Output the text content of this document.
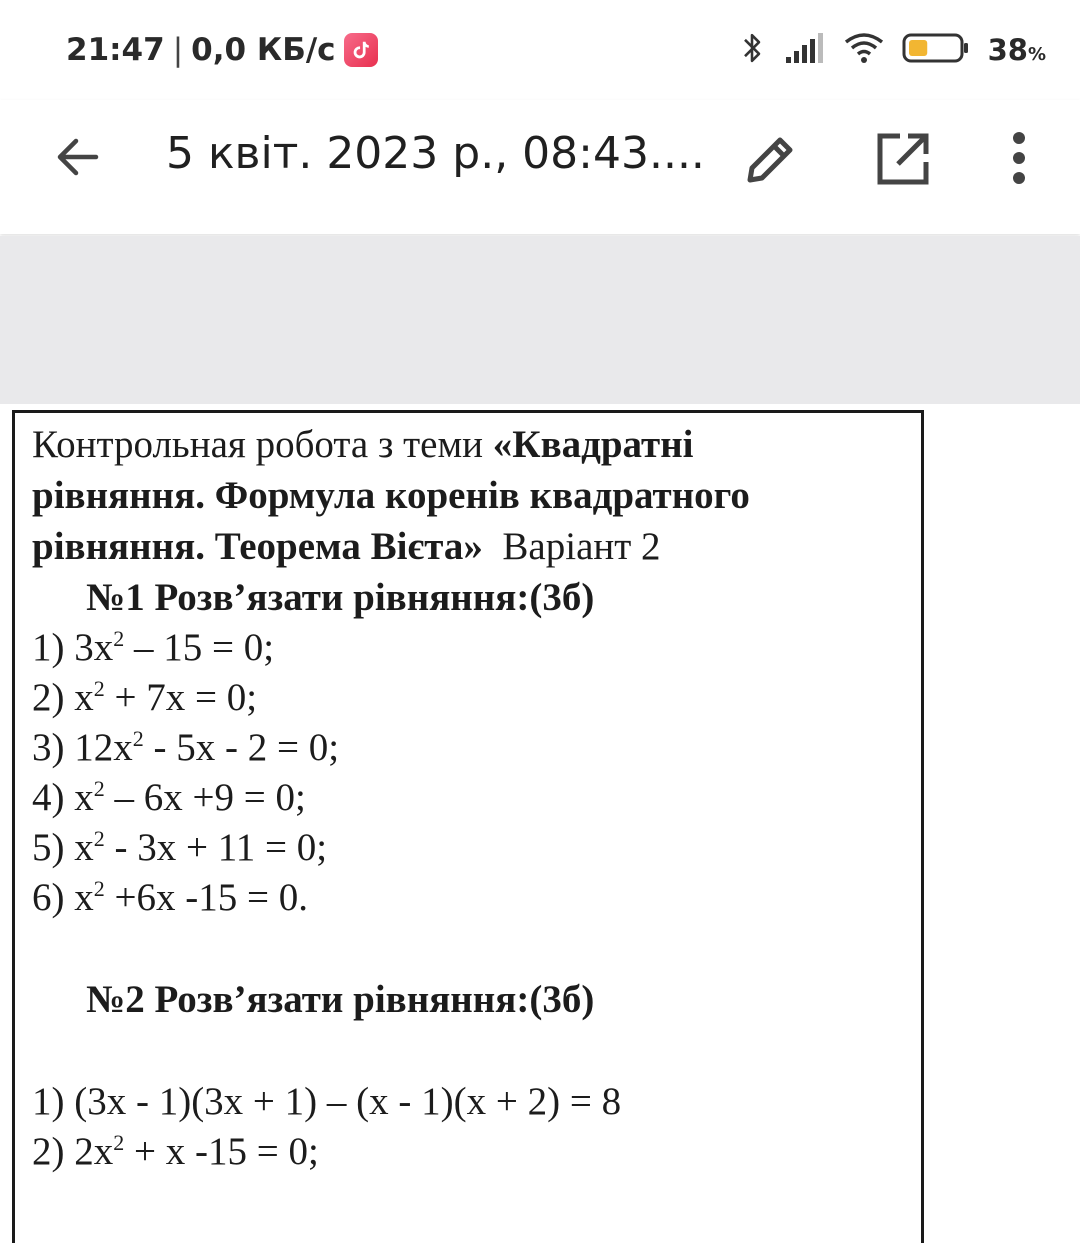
21:47 | 0,0 КБ/с	38%
5 квіт. 2023 р., 08:43....
Контрольная робота з теми «Квадратні
рівняння. Формула коренів квадратного
рівняння. Теорема Вієта»  Варіант 2
№1 Розв’язати рівняння:(3б)
1) $3x^2 - 15 = 0$;
2) $x^2 + 7x = 0$;
3) $12x^2 - 5x - 2 = 0$;
4) $x^2 - 6x +9 = 0$;
5) $x^2 - 3x + 11 = 0$;
6) $x^2 +6x$ -15 = 0.
№2 Розв’язати рівняння:(3б)
1) (3x - 1)(3x + 1) – (x - 1)(x + 2) = 8
2) $2x^2 + x$ -15 = 0;
